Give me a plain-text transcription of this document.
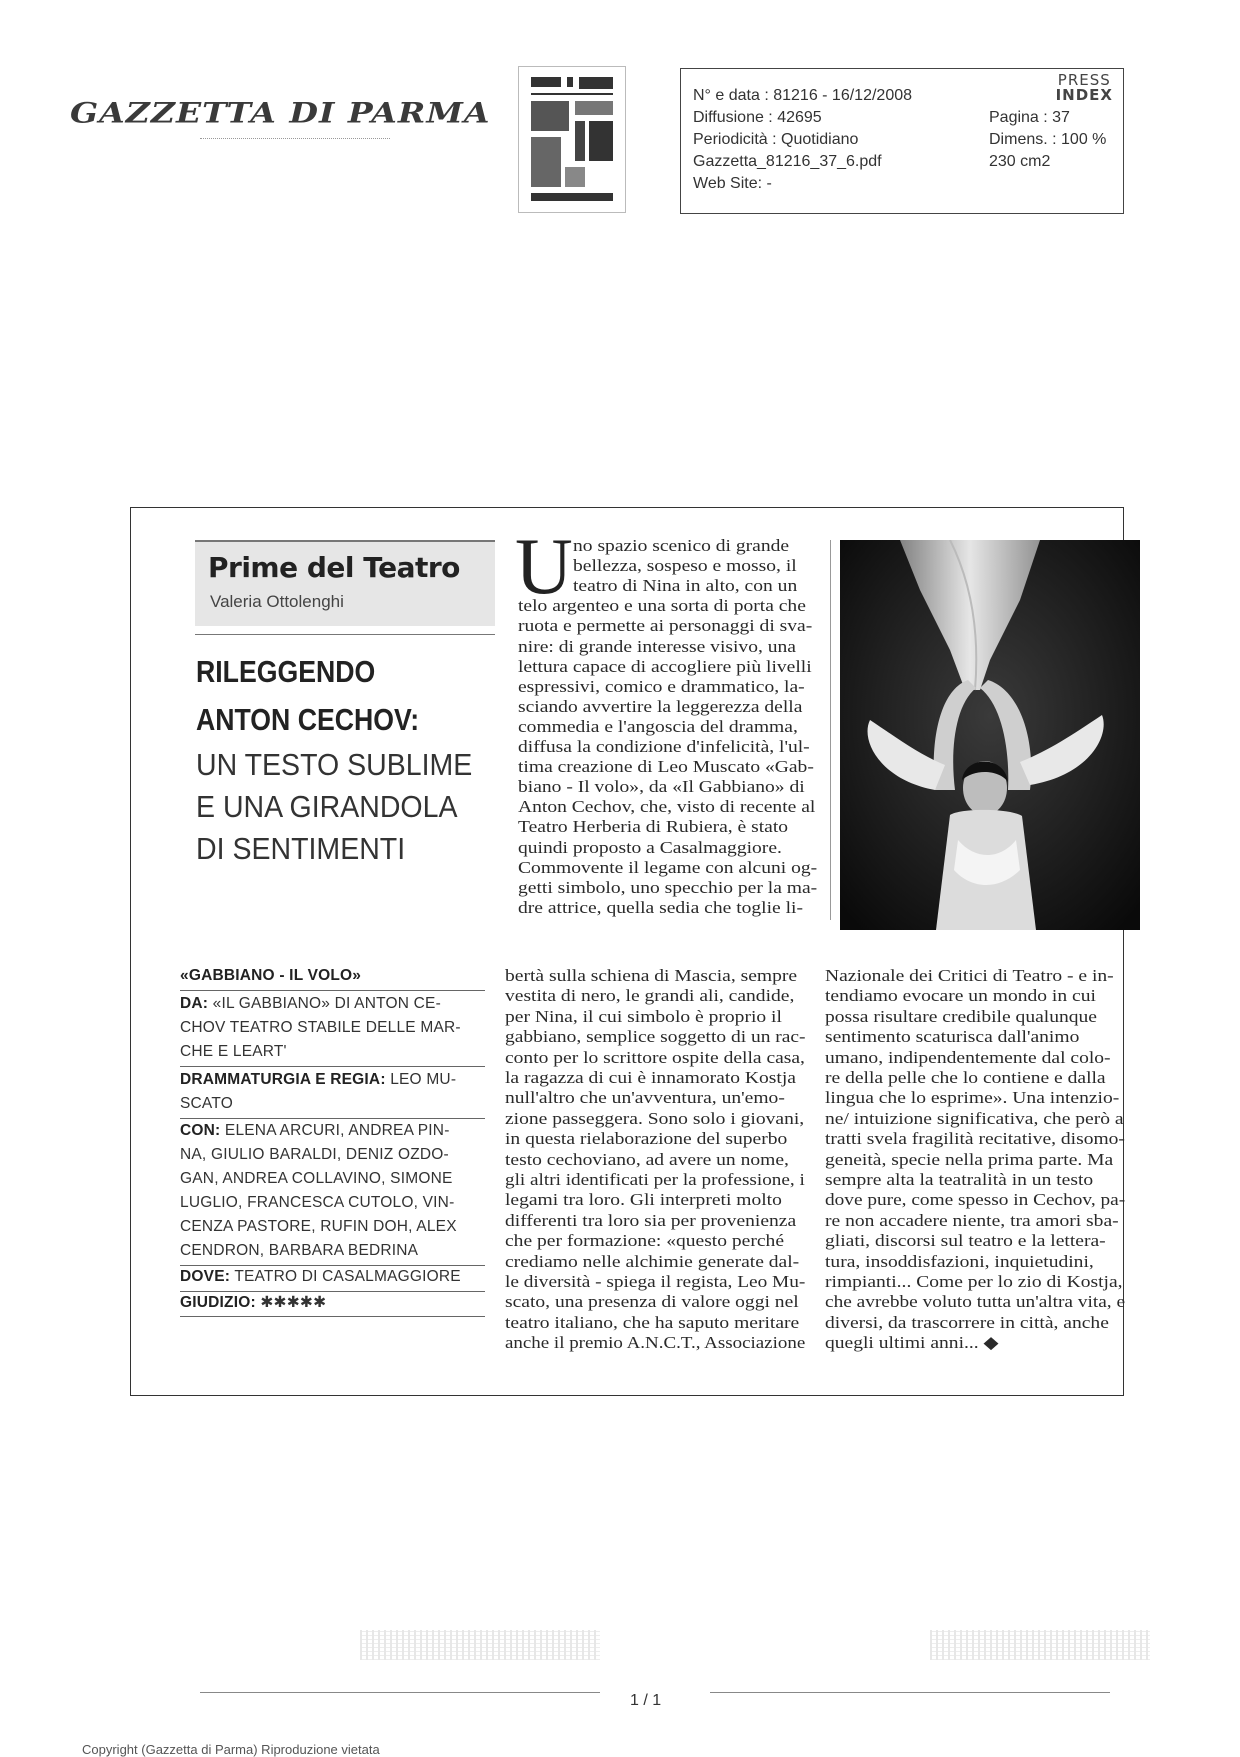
GAZZETTA DI PARMA
N° e data : 81216 - 16/12/2008
Diffusione : 42695
Periodicità : Quotidiano
Gazzetta_81216_37_6.pdf
Web Site: -
Pagina : 37
Dimens. : 100 %
230 cm2
PRESS
INDEX
Prime del Teatro
Valeria Ottolenghi
RILEGGENDO
ANTON CECHOV:
UN TESTO SUBLIME
E UNA GIRANDOLA
DI SENTIMENTI
U no spazio scenico di grande
bellezza, sospeso e mosso, il
teatro di Nina in alto, con un
telo argenteo e una sorta di porta che
ruota e permette ai personaggi di sva-
nire: di grande interesse visivo, una
lettura capace di accogliere più livelli
espressivi, comico e drammatico, la-
sciando avvertire la leggerezza della
commedia e l'angoscia del dramma,
diffusa la condizione d'infelicità, l'ul-
tima creazione di Leo Muscato «Gab-
biano - Il volo», da «Il Gabbiano» di
Anton Cechov, che, visto di recente al
Teatro Herberia di Rubiera, è stato
quindi proposto a Casalmaggiore.
Commovente il legame con alcuni og-
getti simbolo, uno specchio per la ma-
dre attrice, quella sedia che toglie li-
bertà sulla schiena di Mascia, sempre
vestita di nero, le grandi ali, candide,
per Nina, il cui simbolo è proprio il
gabbiano, semplice soggetto di un rac-
conto per lo scrittore ospite della casa,
la ragazza di cui è innamorato Kostja
null'altro che un'avventura, un'emo-
zione passeggera. Sono solo i giovani,
in questa rielaborazione del superbo
testo cechoviano, ad avere un nome,
gli altri identificati per la professione, i
legami tra loro. Gli interpreti molto
differenti tra loro sia per provenienza
che per formazione: «questo perché
crediamo nelle alchimie generate dal-
le diversità - spiega il regista, Leo Mu-
scato, una presenza di valore oggi nel
teatro italiano, che ha saputo meritare
anche il premio A.N.C.T., Associazione
Nazionale dei Critici di Teatro - e in-
tendiamo evocare un mondo in cui
possa risultare credibile qualunque
sentimento scaturisca dall'animo
umano, indipendentemente dal colo-
re della pelle che lo contiene e dalla
lingua che lo esprime». Una intenzio-
ne/ intuizione significativa, che però a
tratti svela fragilità recitative, disomo-
geneità, specie nella prima parte. Ma
sempre alta la teatralità in un testo
dove pure, come spesso in Cechov, pa-
re non accadere niente, tra amori sba-
gliati, discorsi sul teatro e la lettera-
tura, insoddisfazioni, inquietudini,
rimpianti... Come per lo zio di Kostja,
che avrebbe voluto tutta un'altra vita, e
diversi, da trascorrere in città, anche
quegli ultimi anni... ◆
«GABBIANO - IL VOLO»
DA: «IL GABBIANO» DI ANTON CE-
CHOV TEATRO STABILE DELLE MAR-
CHE E LEART'
DRAMMATURGIA E REGIA: LEO MU-
SCATO
CON: ELENA ARCURI, ANDREA PIN-
NA, GIULIO BARALDI, DENIZ OZDO-
GAN, ANDREA COLLAVINO, SIMONE
LUGLIO, FRANCESCA CUTOLO, VIN-
CENZA PASTORE, RUFIN DOH, ALEX
CENDRON, BARBARA BEDRINA
DOVE: TEATRO DI CASALMAGGIORE
GIUDIZIO: ✱✱✱✱✱
1 / 1
Copyright (Gazzetta di Parma) Riproduzione vietata
